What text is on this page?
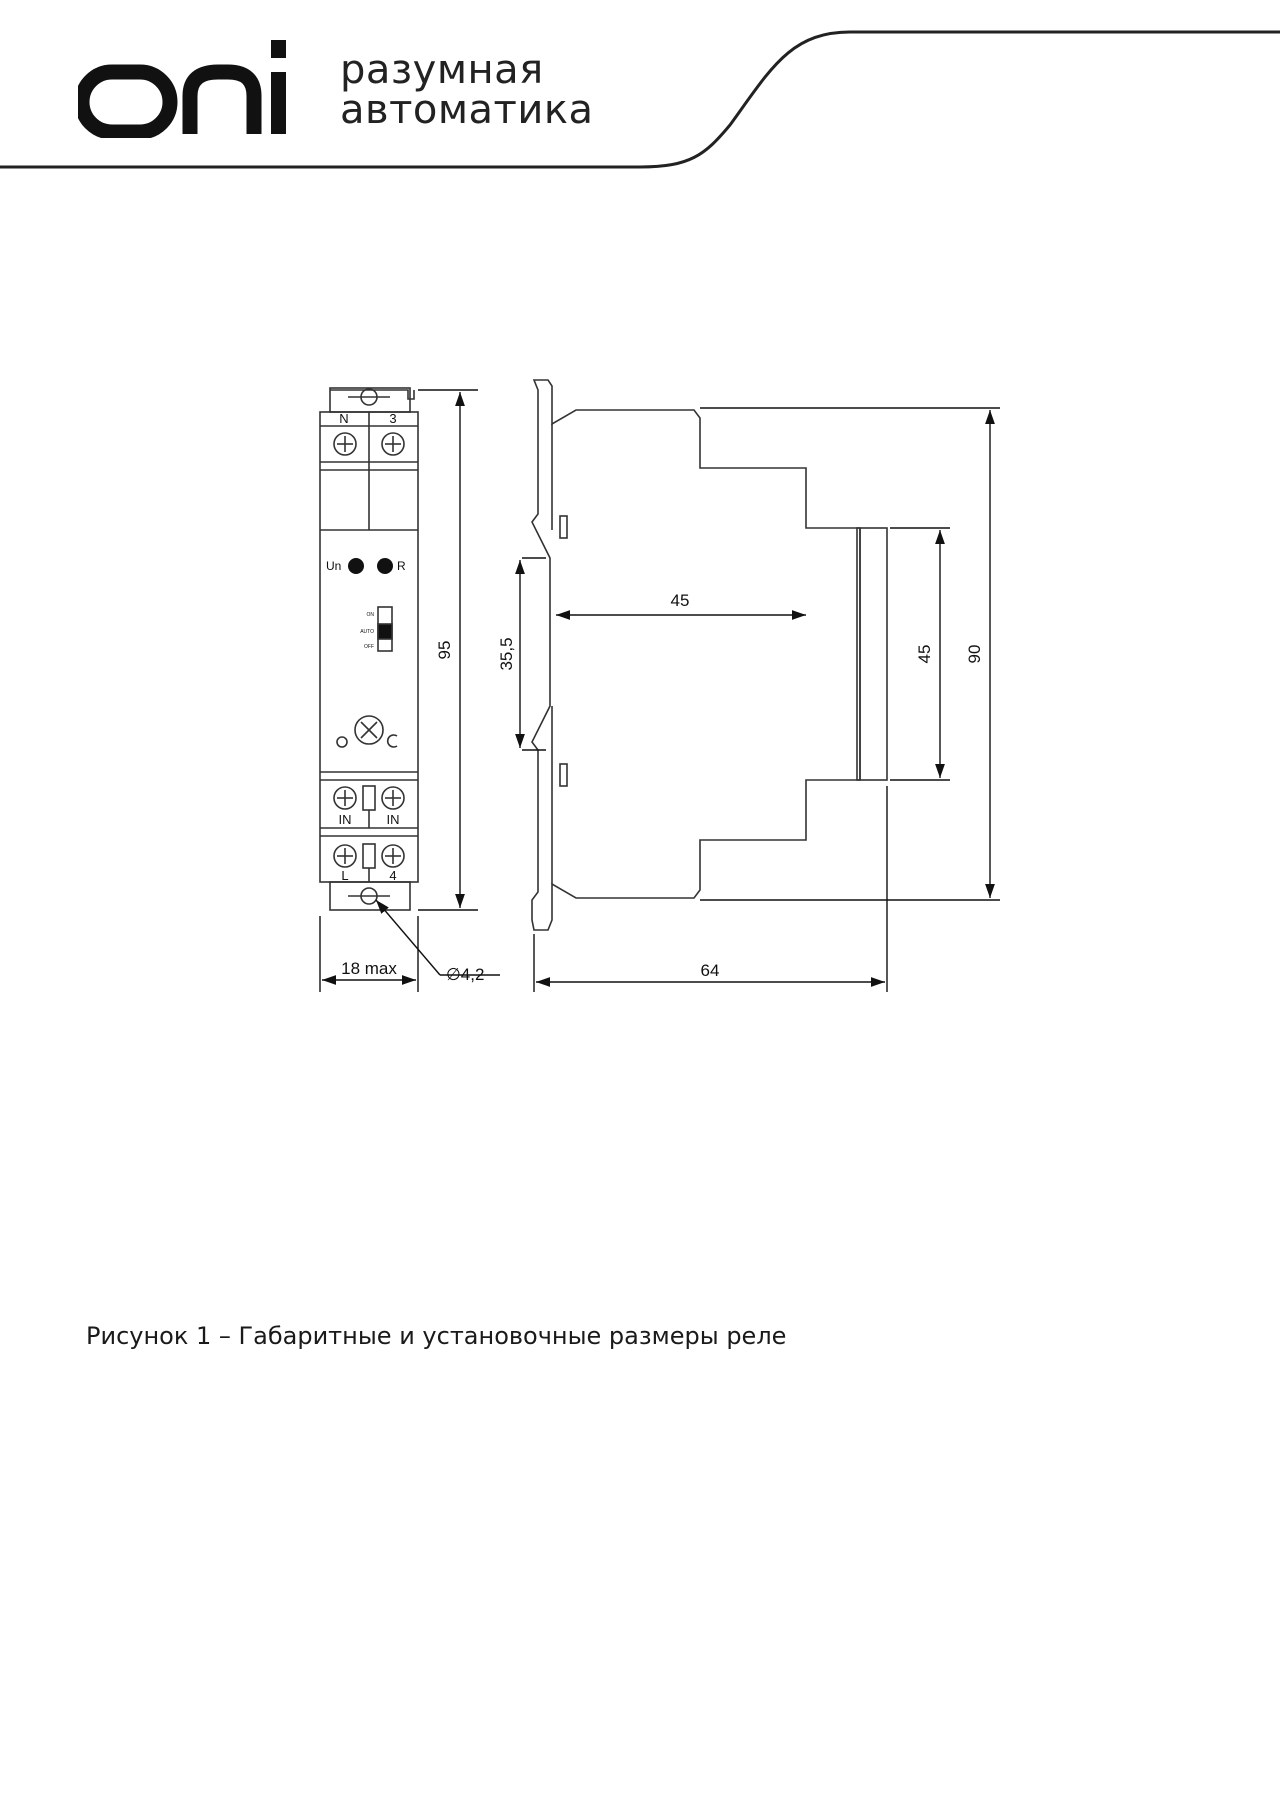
разумная
автоматика
N	3
Un	R
ON
AUTO
OFF
IN	IN
L	4
95
18 max	∅4,2
35,5
45
45 90
64
Рисунок 1 – Габаритные и установочные размеры реле
